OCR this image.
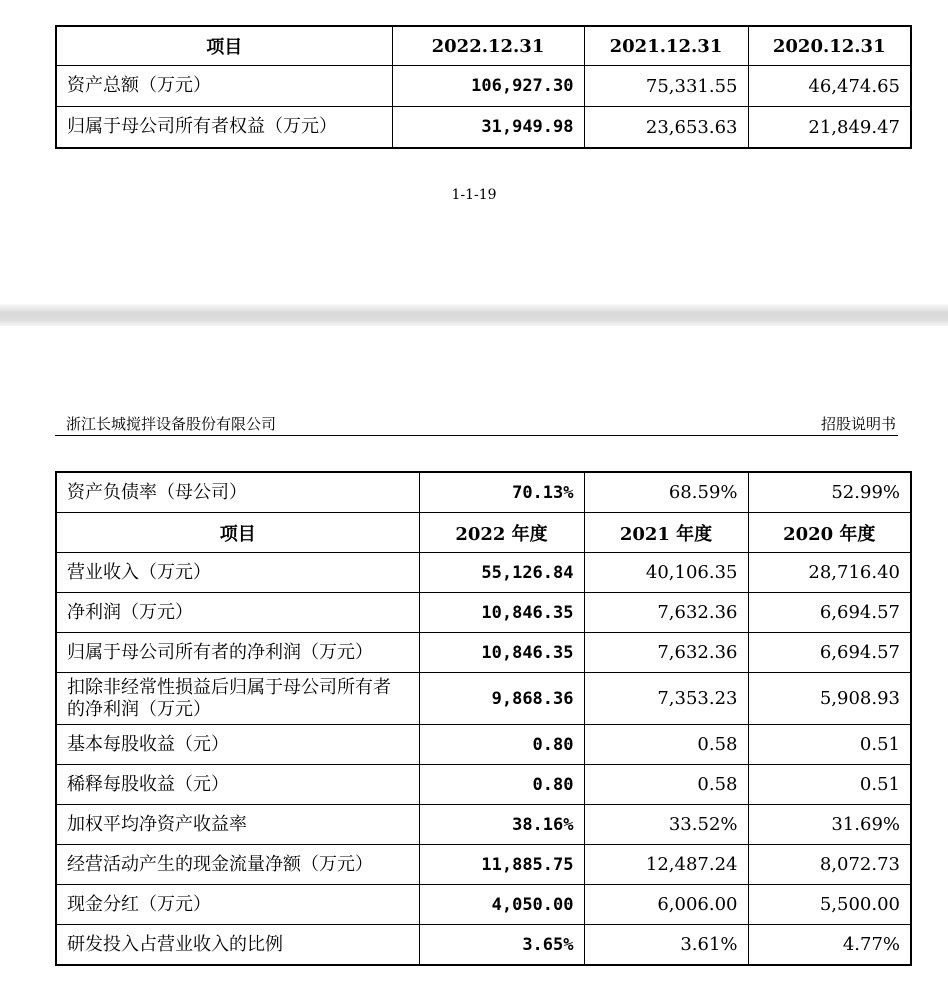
项目	2022.12.31	2021.12.31	2020.12.31
资产总额（万元）	106,927.30	75,331.55	46,474.65
归属于母公司所有者权益（万元）	31,949.98	23,653.63	21,849.47
1-1-19
浙江长城搅拌设备股份有限公司	招股说明书
资产负债率（母公司）	70.13%	68.59%	52.99%
项目	2022 年度	2021 年度	2020 年度
营业收入（万元）	55,126.84	40,106.35	28,716.40
净利润（万元）	10,846.35	7,632.36	6,694.57
归属于母公司所有者的净利润（万元）	10,846.35	7,632.36	6,694.57
扣除非经常性损益后归属于母公司所有者的净利润（万元）	9,868.36	7,353.23	5,908.93
基本每股收益（元）	0.80	0.58	0.51
稀释每股收益（元）	0.80	0.58	0.51
加权平均净资产收益率	38.16%	33.52%	31.69%
经营活动产生的现金流量净额（万元）	11,885.75	12,487.24	8,072.73
现金分红（万元）	4,050.00	6,006.00	5,500.00
研发投入占营业收入的比例	3.65%	3.61%	4.77%
